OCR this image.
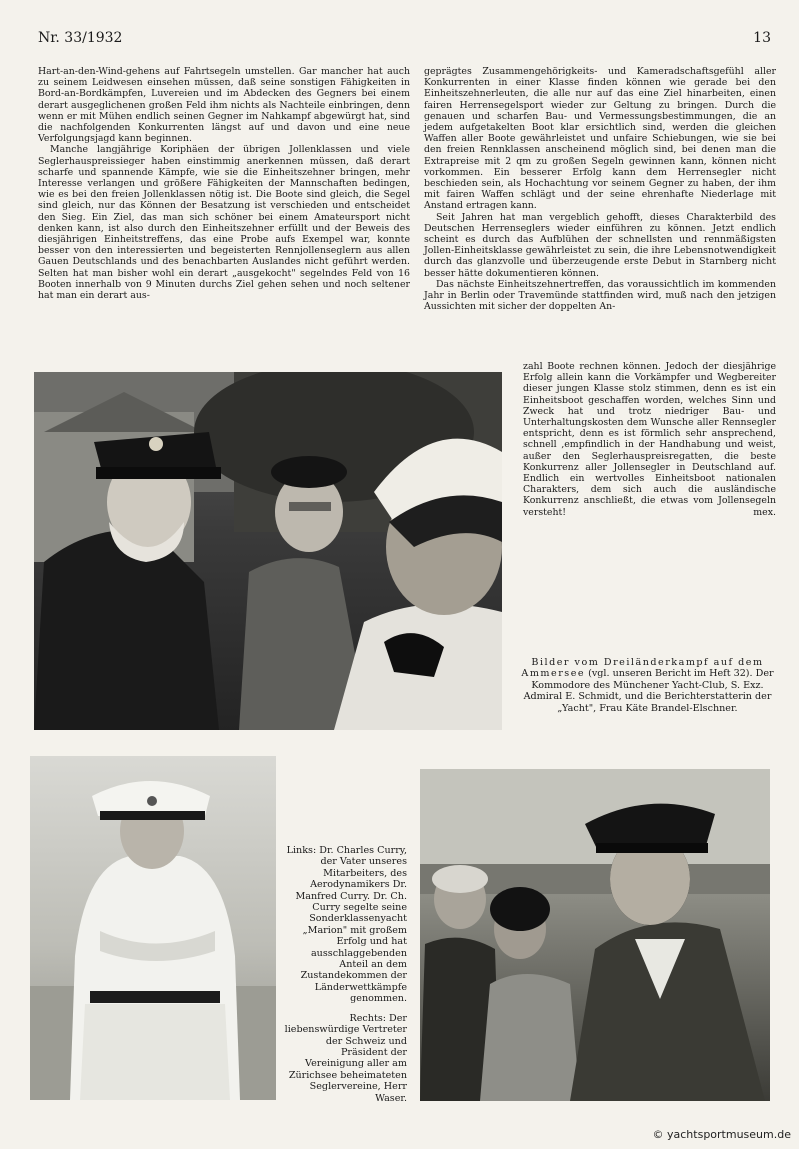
Nr. 33/1932	13

Hart-an-den-Wind-gehens auf Fahrtsegeln umstellen. Gar mancher hat auch zu seinem Leidwesen einsehen müssen, daß seine sonstigen Fähigkeiten in Bord-an-Bordkämpfen, Luvereien und im Abdecken des Gegners bei einem derart ausgeglichenen großen Feld ihm nichts als Nachteile einbringen, denn wenn er mit Mühen endlich seinen Gegner im Nahkampf abgewürgt hat, sind die nachfolgenden Konkurrenten längst auf und davon und eine neue Verfolgungsjagd kann beginnen.

Manche langjährige Koriphäen der übrigen Jollenklassen und viele Seglerhauspreissieger haben einstimmig anerkennen müssen, daß derart scharfe und spannende Kämpfe, wie sie die Einheitszehner bringen, mehr Interesse verlangen und größere Fähigkeiten der Mannschaften bedingen, wie es bei den freien Jollenklassen nötig ist. Die Boote sind gleich, die Segel sind gleich, nur das Können der Besatzung ist verschieden und entscheidet den Sieg. Ein Ziel, das man sich schöner bei einem Amateursport nicht denken kann, ist also durch den Einheitszehner erfüllt und der Beweis des diesjährigen Einheitstreffens, das eine Probe aufs Exempel war, konnte besser von den interessierten und begeisterten Rennjollenseglern aus allen Gauen Deutschlands und des benachbarten Auslandes nicht geführt werden. Selten hat man bisher wohl ein derart „ausgekocht" segelndes Feld von 16 Booten innerhalb von 9 Minuten durchs Ziel gehen sehen und noch seltener hat man ein derart aus-

geprägtes Zusammengehörigkeits- und Kameradschaftsgefühl aller Konkurrenten in einer Klasse finden können wie gerade bei den Einheitszehnerleuten, die alle nur auf das eine Ziel hinarbeiten, einen fairen Herrensegelsport wieder zur Geltung zu bringen. Durch die genauen und scharfen Bau- und Vermessungsbestimmungen, die an jedem aufgetakelten Boot klar ersichtlich sind, werden die gleichen Waffen aller Boote gewährleistet und unfaire Schiebungen, wie sie bei den freien Rennklassen anscheinend möglich sind, bei denen man die Extrapreise mit 2 qm zu großen Segeln gewinnen kann, können nicht vorkommen. Ein besserer Erfolg kann dem Herrensegler nicht beschieden sein, als Hochachtung vor seinem Gegner zu haben, der ihm mit fairen Waffen schlägt und der seine ehrenhafte Niederlage mit Anstand ertragen kann.

Seit Jahren hat man vergeblich gehofft, dieses Charakterbild des Deutschen Herrenseglers wieder einführen zu können. Jetzt endlich scheint es durch das Aufblühen der schnellsten und rennmäßigsten Jollen-Einheitsklasse gewährleistet zu sein, die ihre Lebensnotwendigkeit durch das glanzvolle und überzeugende erste Debut in Starnberg nicht besser hätte dokumentieren können.

Das nächste Einheitszehnertreffen, das voraussichtlich im kommenden Jahr in Berlin oder Travemünde stattfinden wird, muß nach den jetzigen Aussichten mit sicher der doppelten An-

zahl Boote rechnen können. Jedoch der diesjährige Erfolg allein kann die Vorkämpfer und Wegbereiter dieser jungen Klasse stolz stimmen, denn es ist ein Einheitsboot geschaffen worden, welches Sinn und Zweck hat und trotz niedriger Bau- und Unterhaltungskosten dem Wunsche aller Rennsegler entspricht, denn es ist förmlich sehr ansprechend, schnell ‚empfindlich in der Handhabung und weist, außer den Seglerhauspreisregatten, die beste Konkurrenz aller Jollensegler in Deutschland auf. Endlich ein wertvolles Einheitsboot nationalen Charakters, dem sich auch die ausländische Konkurrenz anschließt, die etwas vom Jollensegeln versteht!	mex.

Bilder vom Dreiländerkampf auf dem Ammersee (vgl. unseren Bericht im Heft 32). Der Kommodore des Münchener Yacht-Club, S. Exz. Admiral E. Schmidt, und die Berichterstatterin der „Yacht", Frau Käte Brandel-Elschner.

Links: Dr. Charles Curry, der Vater unseres Mitarbeiters, des Aerodynamikers Dr. Manfred Curry. Dr. Ch. Curry segelte seine Sonderklassenyacht „Marion" mit großem Erfolg und hat ausschlaggebenden Anteil an dem Zustandekommen der Länderwettkämpfe genommen.

Rechts: Der liebenswürdige Vertreter der Schweiz und Präsident der Vereinigung aller am Zürichsee beheimateten Seglervereine, Herr Waser.

© yachtsportmuseum.de
